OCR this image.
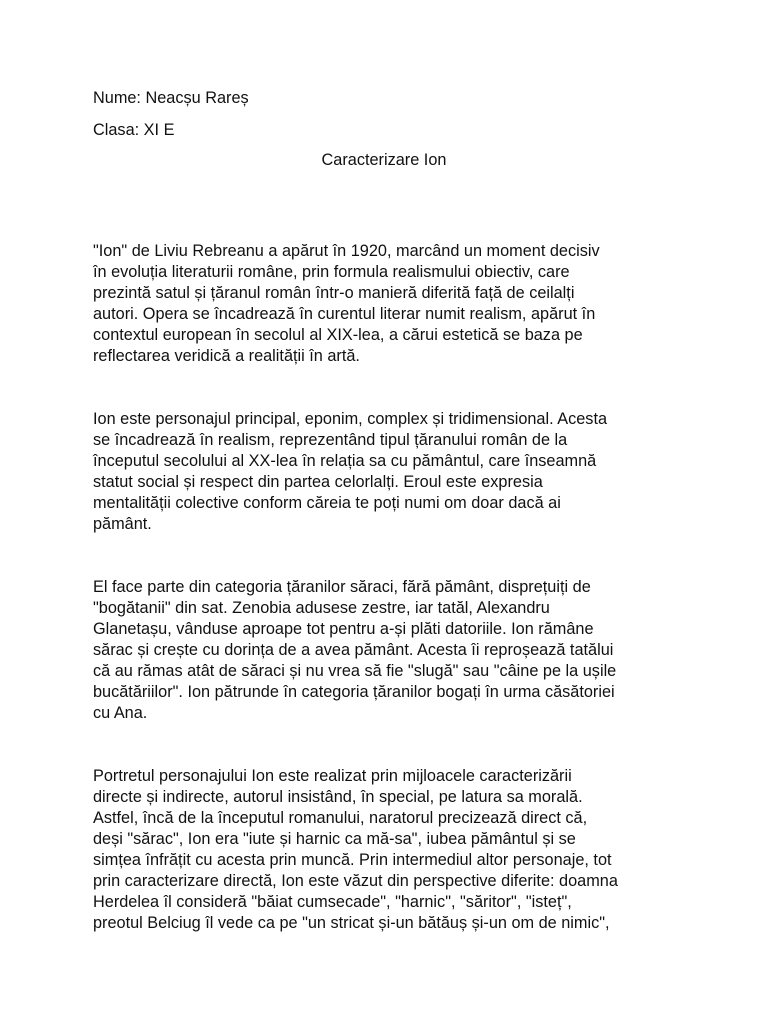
Nume: Neacșu Rareș
Clasa: XI E
Caracterizare Ion
"Ion" de Liviu Rebreanu a apărut în 1920, marcând un moment decisiv
în evoluția literaturii române, prin formula realismului obiectiv, care
prezintă satul și țăranul român într-o manieră diferită față de ceilalți
autori. Opera se încadrează în curentul literar numit realism, apărut în
contextul european în secolul al XIX-lea, a cărui estetică se baza pe
reflectarea veridică a realității în artă.
Ion este personajul principal, eponim, complex și tridimensional. Acesta
se încadrează în realism, reprezentând tipul țăranului român de la
începutul secolului al XX-lea în relația sa cu pământul, care înseamnă
statut social și respect din partea celorlalți. Eroul este expresia
mentalității colective conform căreia te poți numi om doar dacă ai
pământ.
El face parte din categoria țăranilor săraci, fără pământ, disprețuiți de
"bogătanii" din sat. Zenobia adusese zestre, iar tatăl, Alexandru
Glanetașu, vânduse aproape tot pentru a-și plăti datoriile. Ion rămâne
sărac și crește cu dorința de a avea pământ. Acesta îi reproșează tatălui
că au rămas atât de săraci și nu vrea să fie "slugă" sau "câine pe la ușile
bucătăriilor". Ion pătrunde în categoria țăranilor bogați în urma căsătoriei
cu Ana.
Portretul personajului Ion este realizat prin mijloacele caracterizării
directe și indirecte, autorul insistând, în special, pe latura sa morală.
Astfel, încă de la începutul romanului, naratorul precizează direct că,
deși "sărac", Ion era "iute și harnic ca mă-sa", iubea pământul și se
simțea înfrățit cu acesta prin muncă. Prin intermediul altor personaje, tot
prin caracterizare directă, Ion este văzut din perspective diferite: doamna
Herdelea îl consideră "băiat cumsecade", "harnic", "săritor", "isteț",
preotul Belciug îl vede ca pe "un stricat și-un bătăuș și-un om de nimic",
